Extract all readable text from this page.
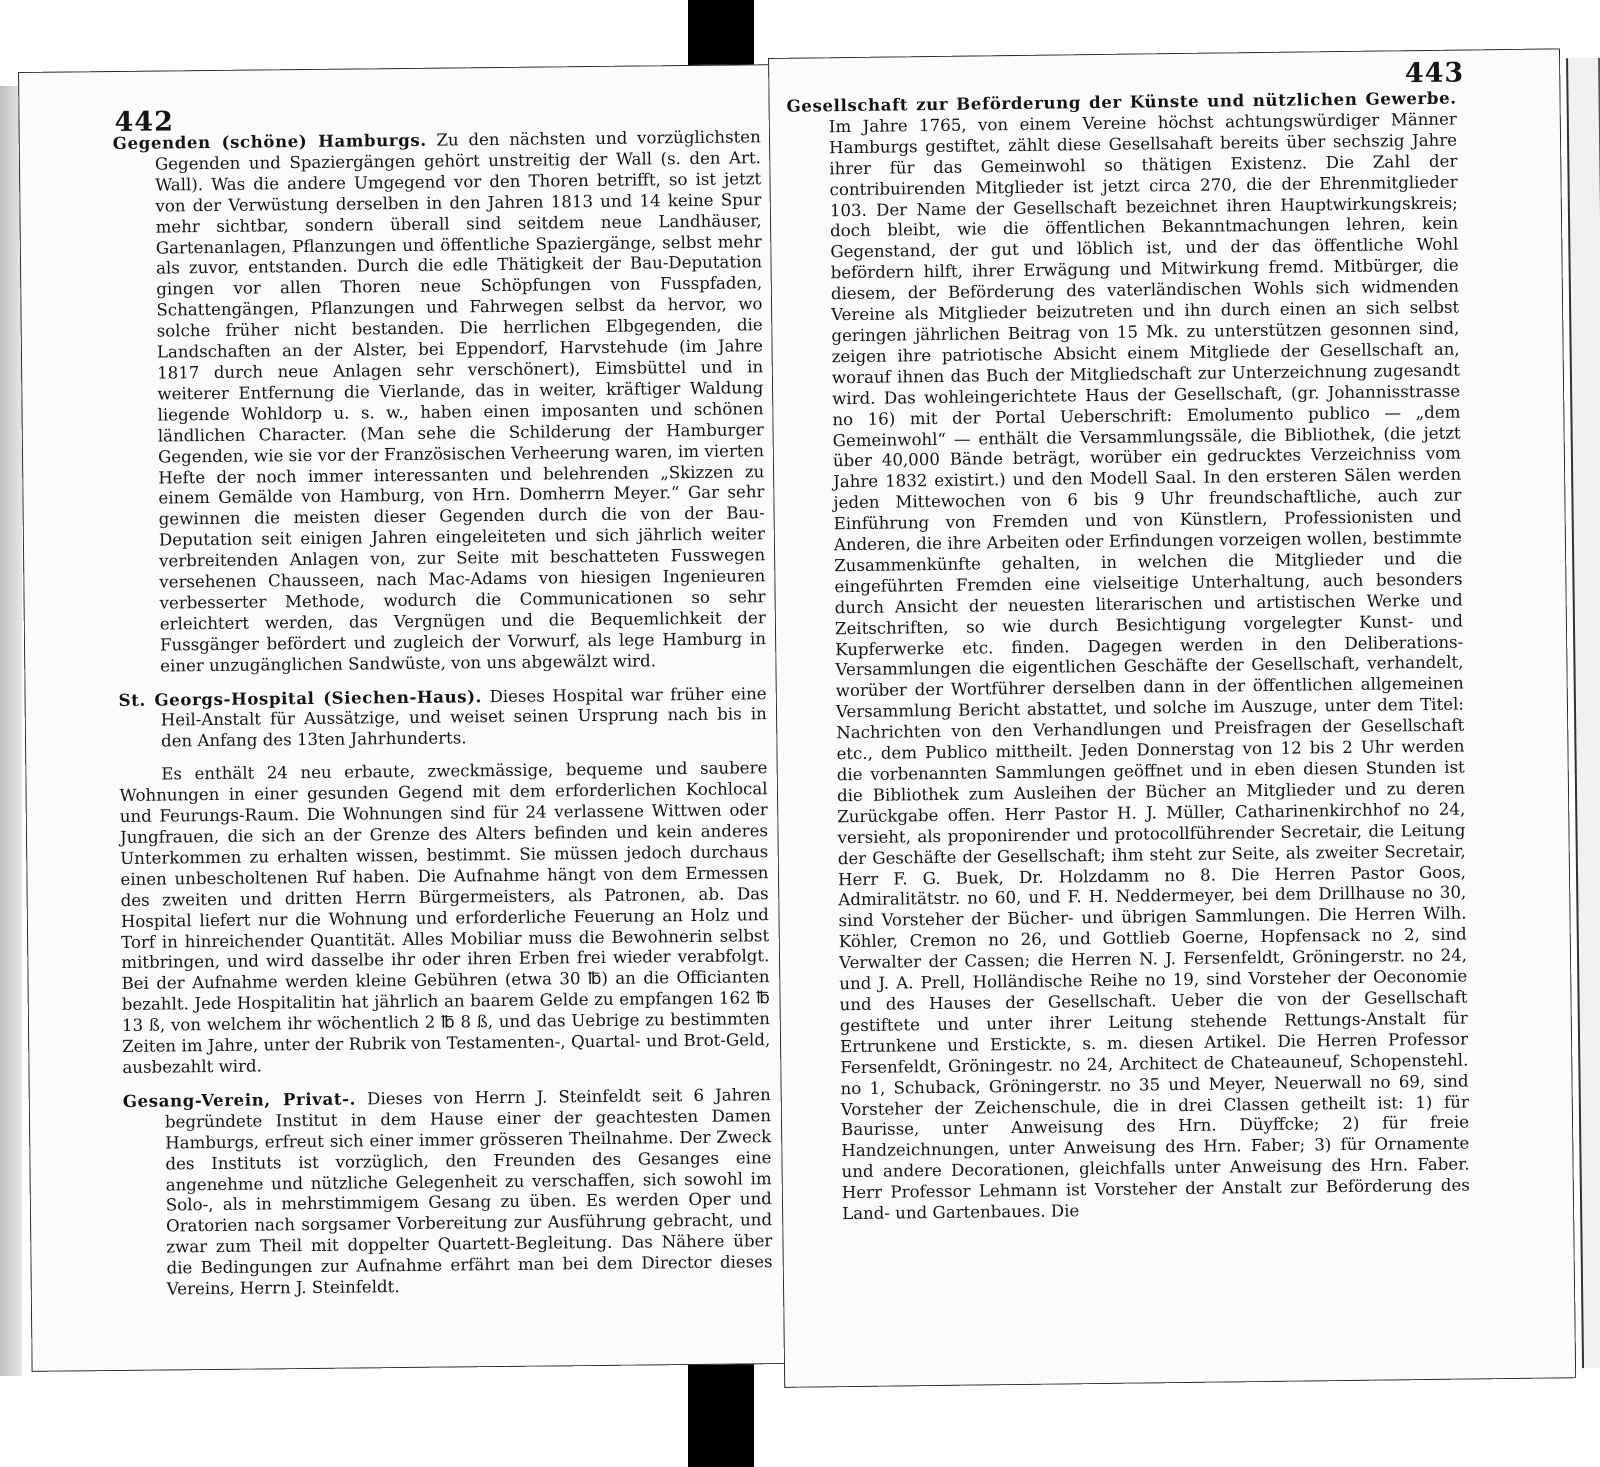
442

Gegenden (schöne) Hamburgs. Zu den nächsten und vorzüglichsten Gegenden und Spaziergängen gehört unstreitig der Wall (s. den Art. Wall). Was die andere Umgegend vor den Thoren betrifft, so ist jetzt von der Verwüstung derselben in den Jahren 1813 und 14 keine Spur mehr sichtbar, sondern überall sind seitdem neue Landhäuser, Gartenanlagen, Pflanzungen und öffentliche Spaziergänge, selbst mehr als zuvor, entstanden. Durch die edle Thätigkeit der Bau-Deputation gingen vor allen Thoren neue Schöpfungen von Fusspfaden, Schattengängen, Pflanzungen und Fahrwegen selbst da hervor, wo solche früher nicht bestanden. Die herrlichen Elbgegenden, die Landschaften an der Alster, bei Eppendorf, Harvstehude (im Jahre 1817 durch neue Anlagen sehr verschönert), Eimsbüttel und in weiterer Entfernung die Vierlande, das in weiter, kräftiger Waldung liegende Wohldorp u. s. w., haben einen imposanten und schönen ländlichen Character. (Man sehe die Schilderung der Hamburger Gegenden, wie sie vor der Französischen Verheerung waren, im vierten Hefte der noch immer interessanten und belehrenden „Skizzen zu einem Gemälde von Hamburg, von Hrn. Domherrn Meyer.“ Gar sehr gewinnen die meisten dieser Gegenden durch die von der Bau-Deputation seit einigen Jahren eingeleiteten und sich jährlich weiter verbreitenden Anlagen von, zur Seite mit beschatteten Fusswegen versehenen Chausseen, nach Mac-Adams von hiesigen Ingenieuren verbesserter Methode, wodurch die Communicationen so sehr erleichtert werden, das Vergnügen und die Bequemlichkeit der Fussgänger befördert und zugleich der Vorwurf, als lege Hamburg in einer unzugänglichen Sandwüste, von uns abgewälzt wird.

St. Georgs-Hospital (Siechen-Haus). Dieses Hospital war früher eine Heil-Anstalt für Aussätzige, und weiset seinen Ursprung nach bis in den Anfang des 13ten Jahrhunderts.

Es enthält 24 neu erbaute, zweckmässige, bequeme und saubere Wohnungen in einer gesunden Gegend mit dem erforderlichen Kochlocal und Feurungs-Raum. Die Wohnungen sind für 24 verlassene Wittwen oder Jungfrauen, die sich an der Grenze des Alters befinden und kein anderes Unterkommen zu erhalten wissen, bestimmt. Sie müssen jedoch durchaus einen unbescholtenen Ruf haben. Die Aufnahme hängt von dem Ermessen des zweiten und dritten Herrn Bürgermeisters, als Patronen, ab. Das Hospital liefert nur die Wohnung und erforderliche Feuerung an Holz und Torf in hinreichender Quantität. Alles Mobiliar muss die Bewohnerin selbst mitbringen, und wird dasselbe ihr oder ihren Erben frei wieder verabfolgt. Bei der Aufnahme werden kleine Gebühren (etwa 30 ℔) an die Officianten bezahlt. Jede Hospitalitin hat jährlich an baarem Gelde zu empfangen 162 ℔ 13 ß, von welchem ihr wöchentlich 2 ℔ 8 ß, und das Uebrige zu bestimmten Zeiten im Jahre, unter der Rubrik von Testamenten-, Quartal- und Brot-Geld, ausbezahlt wird.

Gesang-Verein, Privat-. Dieses von Herrn J. Steinfeldt seit 6 Jahren begründete Institut in dem Hause einer der geachtesten Damen Hamburgs, erfreut sich einer immer grösseren Theilnahme. Der Zweck des Instituts ist vorzüglich, den Freunden des Gesanges eine angenehme und nützliche Gelegenheit zu verschaffen, sich sowohl im Solo-, als in mehrstimmigem Gesang zu üben. Es werden Oper und Oratorien nach sorgsamer Vorbereitung zur Ausführung gebracht, und zwar zum Theil mit doppelter Quartett-Begleitung. Das Nähere über die Bedingungen zur Aufnahme erfährt man bei dem Director dieses Vereins, Herrn J. Steinfeldt.

443

Gesellschaft zur Beförderung der Künste und nützlichen Gewerbe. Im Jahre 1765, von einem Vereine höchst achtungswürdiger Männer Hamburgs gestiftet, zählt diese Gesellsahaft bereits über sechszig Jahre ihrer für das Gemeinwohl so thätigen Existenz. Die Zahl der contribuirenden Mitglieder ist jetzt circa 270, die der Ehrenmitglieder 103. Der Name der Gesellschaft bezeichnet ihren Hauptwirkungskreis; doch bleibt, wie die öffentlichen Bekanntmachungen lehren, kein Gegenstand, der gut und löblich ist, und der das öffentliche Wohl befördern hilft, ihrer Erwägung und Mitwirkung fremd. Mitbürger, die diesem, der Beförderung des vaterländischen Wohls sich widmenden Vereine als Mitglieder beizutreten und ihn durch einen an sich selbst geringen jährlichen Beitrag von 15 Mk. zu unterstützen gesonnen sind, zeigen ihre patriotische Absicht einem Mitgliede der Gesellschaft an, worauf ihnen das Buch der Mitgliedschaft zur Unterzeichnung zugesandt wird. Das wohleingerichtete Haus der Gesellschaft, (gr. Johannisstrasse no 16) mit der Portal Ueberschrift: Emolumento publico — „dem Gemeinwohl“ — enthält die Versammlungssäle, die Bibliothek, (die jetzt über 40,000 Bände beträgt, worüber ein gedrucktes Verzeichniss vom Jahre 1832 existirt.) und den Modell Saal. In den ersteren Sälen werden jeden Mittewochen von 6 bis 9 Uhr freundschaftliche, auch zur Einführung von Fremden und von Künstlern, Professionisten und Anderen, die ihre Arbeiten oder Erfindungen vorzeigen wollen, bestimmte Zusammenkünfte gehalten, in welchen die Mitglieder und die eingeführten Fremden eine vielseitige Unterhaltung, auch besonders durch Ansicht der neuesten literarischen und artistischen Werke und Zeitschriften, so wie durch Besichtigung vorgelegter Kunst- und Kupferwerke etc. finden. Dagegen werden in den Deliberations-Versammlungen die eigentlichen Geschäfte der Gesellschaft, verhandelt, worüber der Wortführer derselben dann in der öffentlichen allgemeinen Versammlung Bericht abstattet, und solche im Auszuge, unter dem Titel: Nachrichten von den Verhandlungen und Preisfragen der Gesellschaft etc., dem Publico mittheilt. Jeden Donnerstag von 12 bis 2 Uhr werden die vorbenannten Sammlungen geöffnet und in eben diesen Stunden ist die Bibliothek zum Ausleihen der Bücher an Mitglieder und zu deren Zurückgabe offen. Herr Pastor H. J. Müller, Catharinenkirchhof no 24, versieht, als proponirender und protocollführender Secretair, die Leitung der Geschäfte der Gesellschaft; ihm steht zur Seite, als zweiter Secretair, Herr F. G. Buek, Dr. Holzdamm no 8. Die Herren Pastor Goos, Admiralitätstr. no 60, und F. H. Neddermeyer, bei dem Drillhause no 30, sind Vorsteher der Bücher- und übrigen Sammlungen. Die Herren Wilh. Köhler, Cremon no 26, und Gottlieb Goerne, Hopfensack no 2, sind Verwalter der Cassen; die Herren N. J. Fersenfeldt, Gröningerstr. no 24, und J. A. Prell, Holländische Reihe no 19, sind Vorsteher der Oeconomie und des Hauses der Gesellschaft. Ueber die von der Gesellschaft gestiftete und unter ihrer Leitung stehende Rettungs-Anstalt für Ertrunkene und Erstickte, s. m. diesen Artikel. Die Herren Professor Fersenfeldt, Gröningestr. no 24, Architect de Chateauneuf, Schopenstehl. no 1, Schuback, Gröningerstr. no 35 und Meyer, Neuerwall no 69, sind Vorsteher der Zeichenschule, die in drei Classen getheilt ist: 1) für Baurisse, unter Anweisung des Hrn. Düyffcke; 2) für freie Handzeichnungen, unter Anweisung des Hrn. Faber; 3) für Ornamente und andere Decorationen, gleichfalls unter Anweisung des Hrn. Faber. Herr Professor Lehmann ist Vorsteher der Anstalt zur Beförderung des Land- und Gartenbaues. Die
